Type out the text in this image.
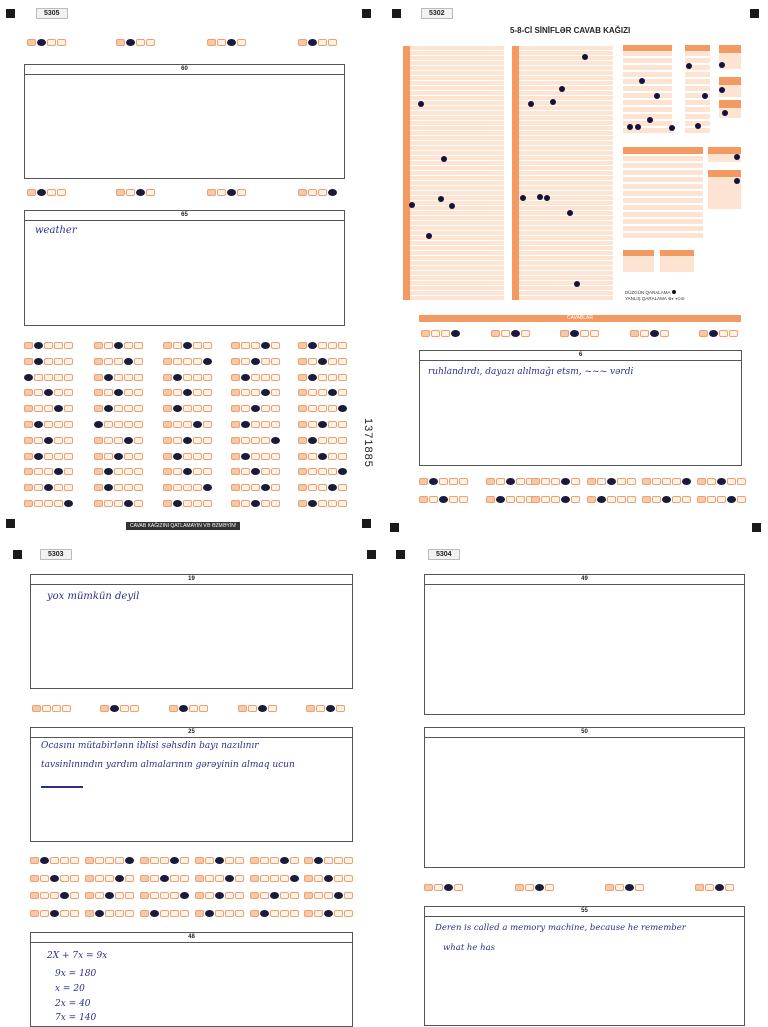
5305
60
65
weather
CAVAB KAĞIZINI QATLAMAYIN VƏ ƏZMƏYİN!
1371885
5302
5-8-Cİ SİNİFLƏR CAVAB KAĞIZI
DÜZGÜN QARALAMA
YANLIŞ QARALAMA ⊗◐◑⊙⊘
CAVABLAR
6
ruhlandırdı, dayazı alılmağı etsm, ~~~ vərdi
5303
19
yox mümkün deyil
25
Ocasını mütabirlənn iblisi səhsdin bayı nazılınır
tavsinlınındın yardım almalarının gərəyinin almaq ucun
48
2X + 7x = 9x
9x = 180
x = 20
2x = 40
7x = 140
5304
49
50
55
Deren is called a memory machine, because he remember
what he has
